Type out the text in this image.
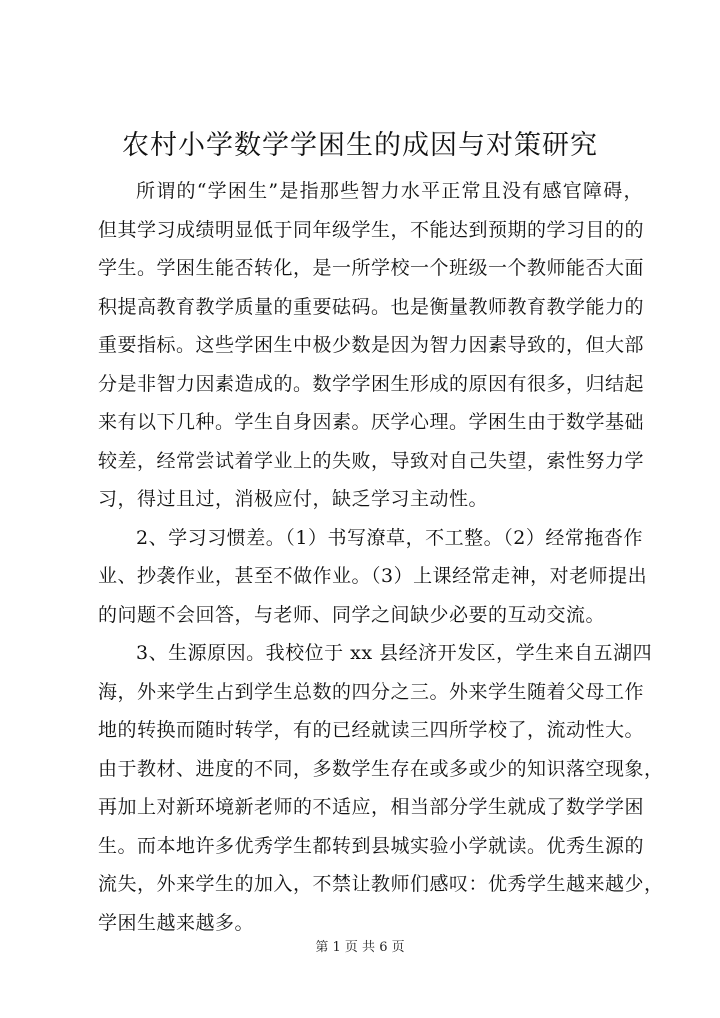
农村小学数学学困生的成因与对策研究
所谓的“学困生”是指那些智力水平正常且没有感官障碍，
但其学习成绩明显低于同年级学生，不能达到预期的学习目的的
学生。学困生能否转化，是一所学校一个班级一个教师能否大面
积提高教育教学质量的重要砝码。也是衡量教师教育教学能力的
重要指标。这些学困生中极少数是因为智力因素导致的，但大部
分是非智力因素造成的。数学学困生形成的原因有很多，归结起
来有以下几种。学生自身因素。厌学心理。学困生由于数学基础
较差，经常尝试着学业上的失败，导致对自己失望，索性努力学
习，得过且过，消极应付，缺乏学习主动性。
2、学习习惯差。（1）书写潦草，不工整。（2）经常拖沓作
业、抄袭作业，甚至不做作业。（3）上课经常走神，对老师提出
的问题不会回答，与老师、同学之间缺少必要的互动交流。
3、生源原因。我校位于 xx 县经济开发区，学生来自五湖四
海，外来学生占到学生总数的四分之三。外来学生随着父母工作
地的转换而随时转学，有的已经就读三四所学校了，流动性大。
由于教材、进度的不同，多数学生存在或多或少的知识落空现象，
再加上对新环境新老师的不适应，相当部分学生就成了数学学困
生。而本地许多优秀学生都转到县城实验小学就读。优秀生源的
流失，外来学生的加入，不禁让教师们感叹：优秀学生越来越少，
学困生越来越多。
第 1 页 共 6 页
